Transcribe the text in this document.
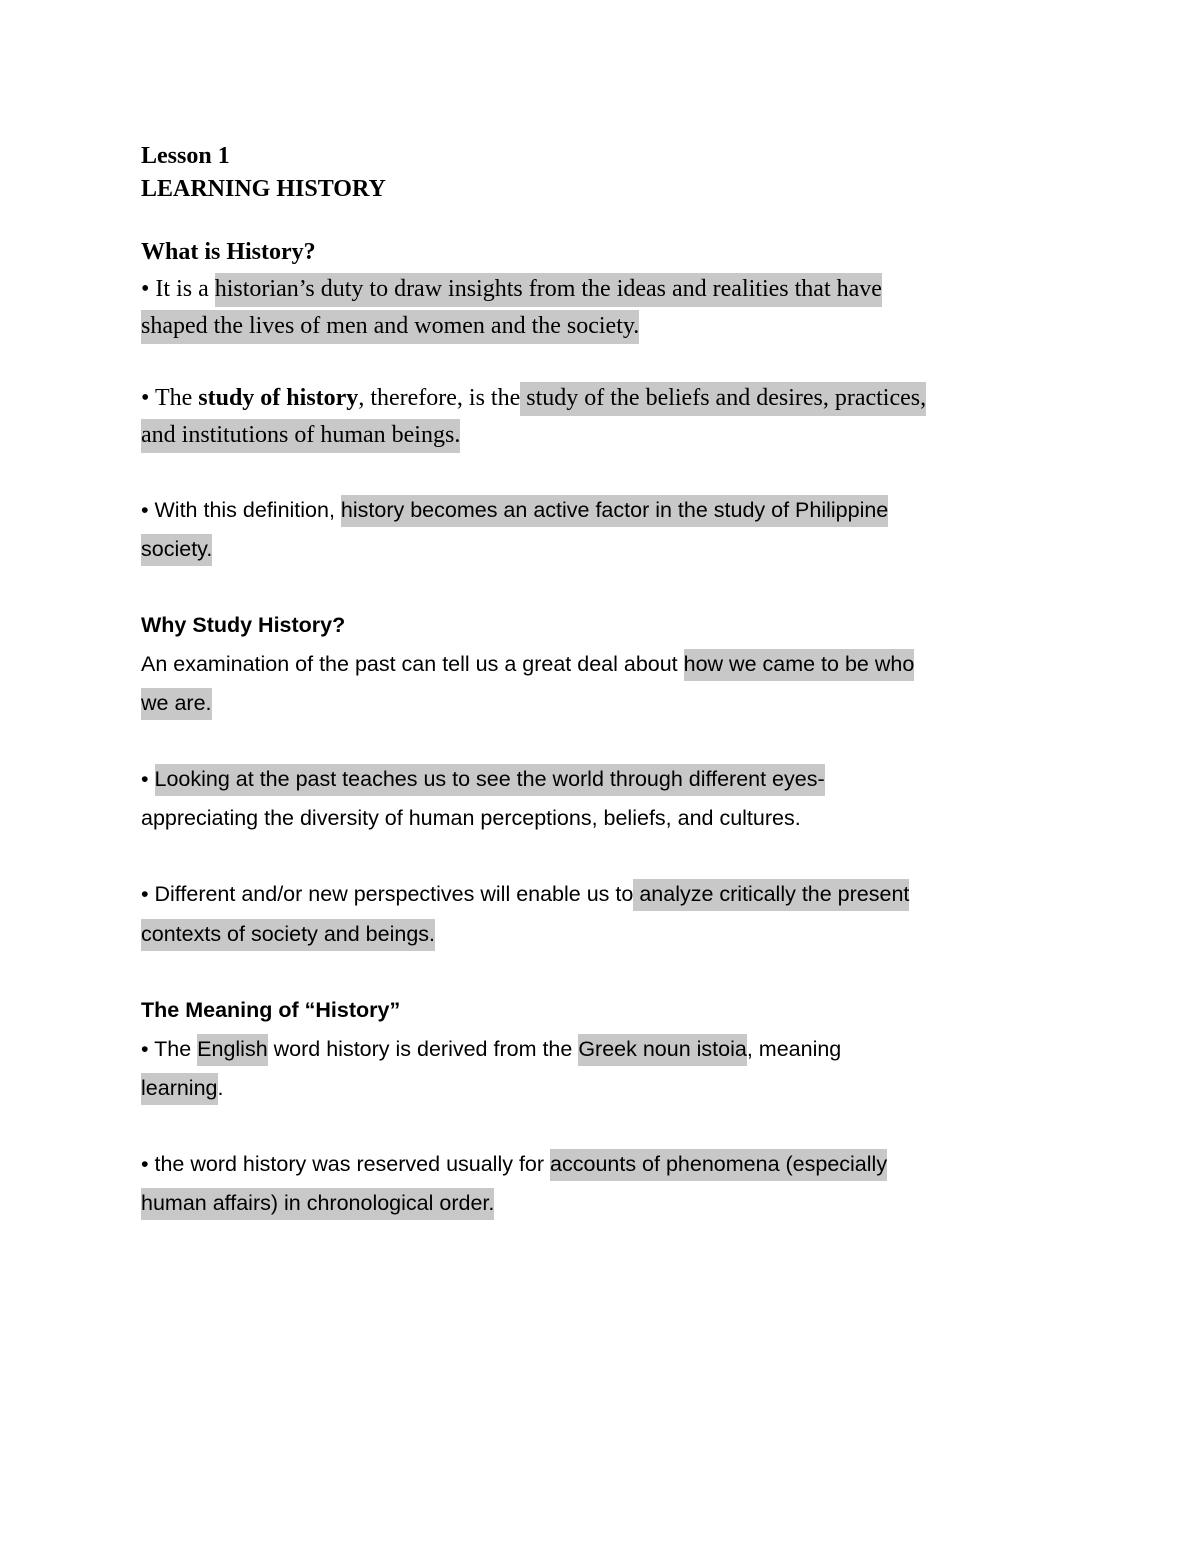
Lesson 1
LEARNING HISTORY
What is History?
• It is a historian’s duty to draw insights from the ideas and realities that have
shaped the lives of men and women and the society.
• The study of history, therefore, is the study of the beliefs and desires, practices,
and institutions of human beings.
• With this definition, history becomes an active factor in the study of Philippine
society.
Why Study History?
An examination of the past can tell us a great deal about how we came to be who
we are.
• Looking at the past teaches us to see the world through different eyes-
appreciating the diversity of human perceptions, beliefs, and cultures.
• Different and/or new perspectives will enable us to analyze critically the present
contexts of society and beings.
The Meaning of “History”
• The English word history is derived from the Greek noun istoia, meaning
learning.
• the word history was reserved usually for accounts of phenomena (especially
human affairs) in chronological order.
